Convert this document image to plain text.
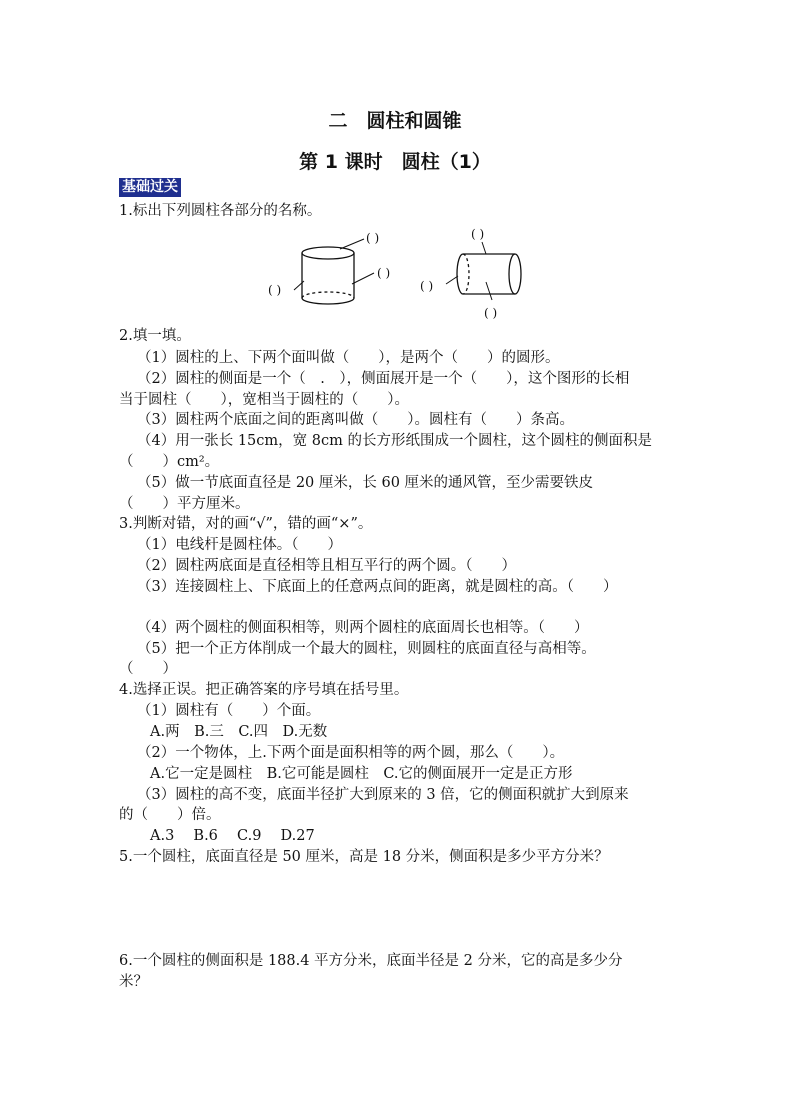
二　圆柱和圆锥
第 1 课时　圆柱（1）
基础过关
1.标出下列圆柱各部分的名称。
( )
( )
( )
( )
( )
( )
2.填一填。
（1）圆柱的上、下两个面叫做（　　），是两个（　　）的圆形。
（2）圆柱的侧面是一个（　.　），侧面展开是一个（　　），这个图形的长相
当于圆柱（　　），宽相当于圆柱的（　　）。
（3）圆柱两个底面之间的距离叫做（　　）。圆柱有（　　）条高。
（4）用一张长 15cm，宽 8cm 的长方形纸围成一个圆柱，这个圆柱的侧面积是
（　　）cm²。
（5）做一节底面直径是 20 厘米，长 60 厘米的通风管，至少需要铁皮
（　　）平方厘米。
3.判断对错，对的画“√”，错的画“×”。
（1）电线杆是圆柱体。（　　）
（2）圆柱两底面是直径相等且相互平行的两个圆。（　　）
（3）连接圆柱上、下底面上的任意两点间的距离，就是圆柱的高。（　　）
（4）两个圆柱的侧面积相等，则两个圆柱的底面周长也相等。（　　）
（5）把一个正方体削成一个最大的圆柱，则圆柱的底面直径与高相等。
（　　）
4.选择正误。把正确答案的序号填在括号里。
（1）圆柱有（　　）个面。
A.两　B.三　C.四　D.无数
（2）一个物体，上.下两个面是面积相等的两个圆，那么（　　）。
A.它一定是圆柱　B.它可能是圆柱　C.它的侧面展开一定是正方形
（3）圆柱的高不变，底面半径扩大到原来的 3 倍，它的侧面积就扩大到原来
的（　　）倍。
A.3　 B.6　 C.9　 D.27
5.一个圆柱，底面直径是 50 厘米，高是 18 分米，侧面积是多少平方分米？
6.一个圆柱的侧面积是 188.4 平方分米，底面半径是 2 分米，它的高是多少分
米？
